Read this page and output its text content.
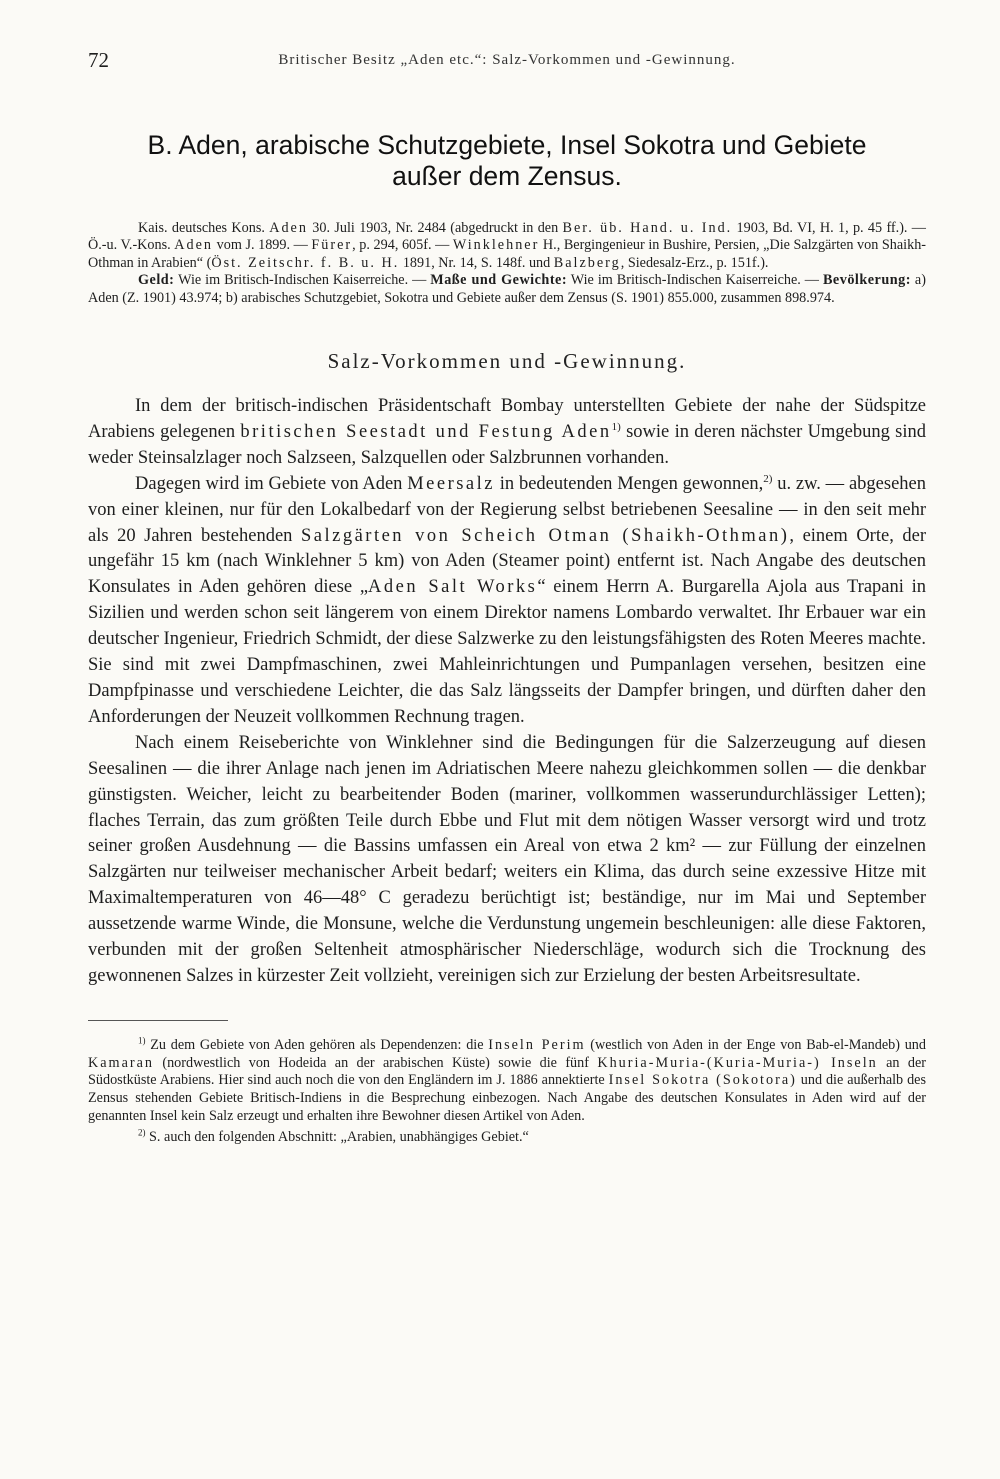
72	Britischer Besitz „Aden etc.“: Salz-Vorkommen und -Gewinnung.
B. Aden, arabische Schutzgebiete, Insel Sokotra und Gebiete
außer dem Zensus.

Kais. deutsches Kons. Aden 30. Juli 1903, Nr. 2484 (abgedruckt in den Ber. üb. Hand. u. Ind. 1903, Bd. VI, H. 1, p. 45 ff.). — Ö.-u. V.-Kons. Aden vom J. 1899. — Fürer, p. 294, 605f. — Winklehner H., Bergingenieur in Bushire, Persien, „Die Salzgärten von Shaikh-Othman in Arabien“ (Öst. Zeitschr. f. B. u. H. 1891, Nr. 14, S. 148f. und Balzberg, Siedesalz-Erz., p. 151f.).

Geld: Wie im Britisch-Indischen Kaiserreiche. — Maße und Gewichte: Wie im Britisch-Indischen Kaiserreiche. — Bevölkerung: a) Aden (Z. 1901) 43.974; b) arabisches Schutzgebiet, Sokotra und Gebiete außer dem Zensus (S. 1901) 855.000, zusammen 898.974.

Salz-Vorkommen und -Gewinnung.

In dem der britisch-indischen Präsidentschaft Bombay unterstellten Gebiete der nahe der Südspitze Arabiens gelegenen britischen Seestadt und Festung Aden$^{1)}$ sowie in deren nächster Umgebung sind weder Steinsalzlager noch Salzseen, Salzquellen oder Salzbrunnen vorhanden.

Dagegen wird im Gebiete von Aden Meersalz in bedeutenden Mengen gewonnen,$^{2)}$ u. zw. — abgesehen von einer kleinen, nur für den Lokalbedarf von der Regierung selbst betriebenen Seesaline — in den seit mehr als 20 Jahren bestehenden Salzgärten von Scheich Otman (Shaikh-Othman), einem Orte, der ungefähr 15 km (nach Winklehner 5 km) von Aden (Steamer point) entfernt ist. Nach Angabe des deutschen Konsulates in Aden gehören diese „Aden Salt Works“ einem Herrn A. Burgarella Ajola aus Trapani in Sizilien und werden schon seit längerem von einem Direktor namens Lombardo verwaltet. Ihr Erbauer war ein deutscher Ingenieur, Friedrich Schmidt, der diese Salzwerke zu den leistungsfähigsten des Roten Meeres machte. Sie sind mit zwei Dampfmaschinen, zwei Mahleinrichtungen und Pumpanlagen versehen, besitzen eine Dampfpinasse und verschiedene Leichter, die das Salz längsseits der Dampfer bringen, und dürften daher den Anforderungen der Neuzeit vollkommen Rechnung tragen.

Nach einem Reiseberichte von Winklehner sind die Bedingungen für die Salzerzeugung auf diesen Seesalinen — die ihrer Anlage nach jenen im Adriatischen Meere nahezu gleichkommen sollen — die denkbar günstigsten. Weicher, leicht zu bearbeitender Boden (mariner, vollkommen wasserundurchlässiger Letten); flaches Terrain, das zum größten Teile durch Ebbe und Flut mit dem nötigen Wasser versorgt wird und trotz seiner großen Ausdehnung — die Bassins umfassen ein Areal von etwa 2 km² — zur Füllung der einzelnen Salzgärten nur teilweiser mechanischer Arbeit bedarf; weiters ein Klima, das durch seine exzessive Hitze mit Maximaltemperaturen von 46—48° C geradezu berüchtigt ist; beständige, nur im Mai und September aussetzende warme Winde, die Monsune, welche die Verdunstung ungemein beschleunigen: alle diese Faktoren, verbunden mit der großen Seltenheit atmosphärischer Niederschläge, wodurch sich die Trocknung des gewonnenen Salzes in kürzester Zeit vollzieht, vereinigen sich zur Erzielung der besten Arbeitsresultate.

$^{1)}$ Zu dem Gebiete von Aden gehören als Dependenzen: die Inseln Perim (westlich von Aden in der Enge von Bab-el-Mandeb) und Kamaran (nordwestlich von Hodeida an der arabischen Küste) sowie die fünf Khuria-Muria-(Kuria-Muria-) Inseln an der Südostküste Arabiens. Hier sind auch noch die von den Engländern im J. 1886 annektierte Insel Sokotra (Sokotora) und die außerhalb des Zensus stehenden Gebiete Britisch-Indiens in die Besprechung einbezogen. Nach Angabe des deutschen Konsulates in Aden wird auf der genannten Insel kein Salz erzeugt und erhalten ihre Bewohner diesen Artikel von Aden.

$^{2)}$ S. auch den folgenden Abschnitt: „Arabien, unabhängiges Gebiet.“
